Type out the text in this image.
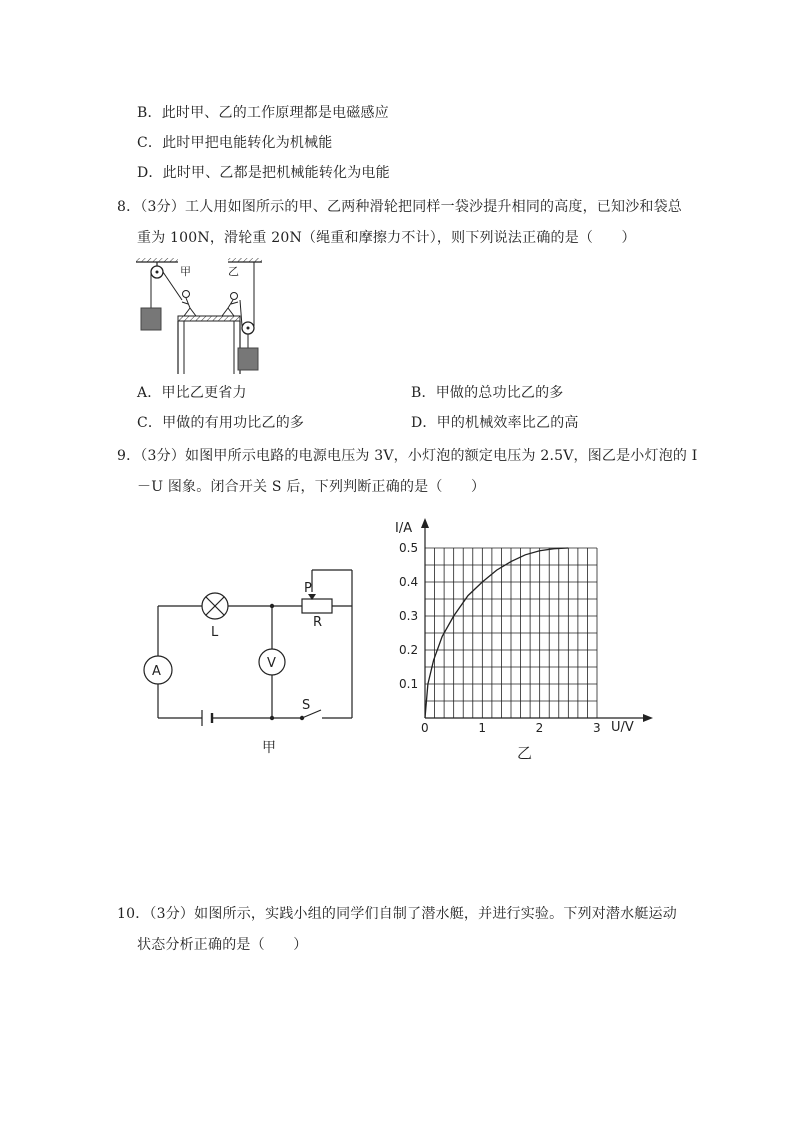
B．此时甲、乙的工作原理都是电磁感应
C．此时甲把电能转化为机械能
D．此时甲、乙都是把机械能转化为电能
8．（3分）工人用如图所示的甲、乙两种滑轮把同样一袋沙提升相同的高度，已知沙和袋总
重为 100N，滑轮重 20N（绳重和摩擦力不计），则下列说法正确的是（　　）
甲	乙
A．甲比乙更省力	B．甲做的总功比乙的多
C．甲做的有用功比乙的多	D．甲的机械效率比乙的高
9．（3分）如图甲所示电路的电源电压为 3V，小灯泡的额定电压为 2.5V，图乙是小灯泡的 I
－U 图象。闭合开关 S 后，下列判断正确的是（　　）
L
P
R
A
V
S
甲
0	1	2	3
0.1
0.2
0.3
0.4
0.5
I/A
U/V
乙
10．（3分）如图所示，实践小组的同学们自制了潜水艇，并进行实验。下列对潜水艇运动
状态分析正确的是（　　）
